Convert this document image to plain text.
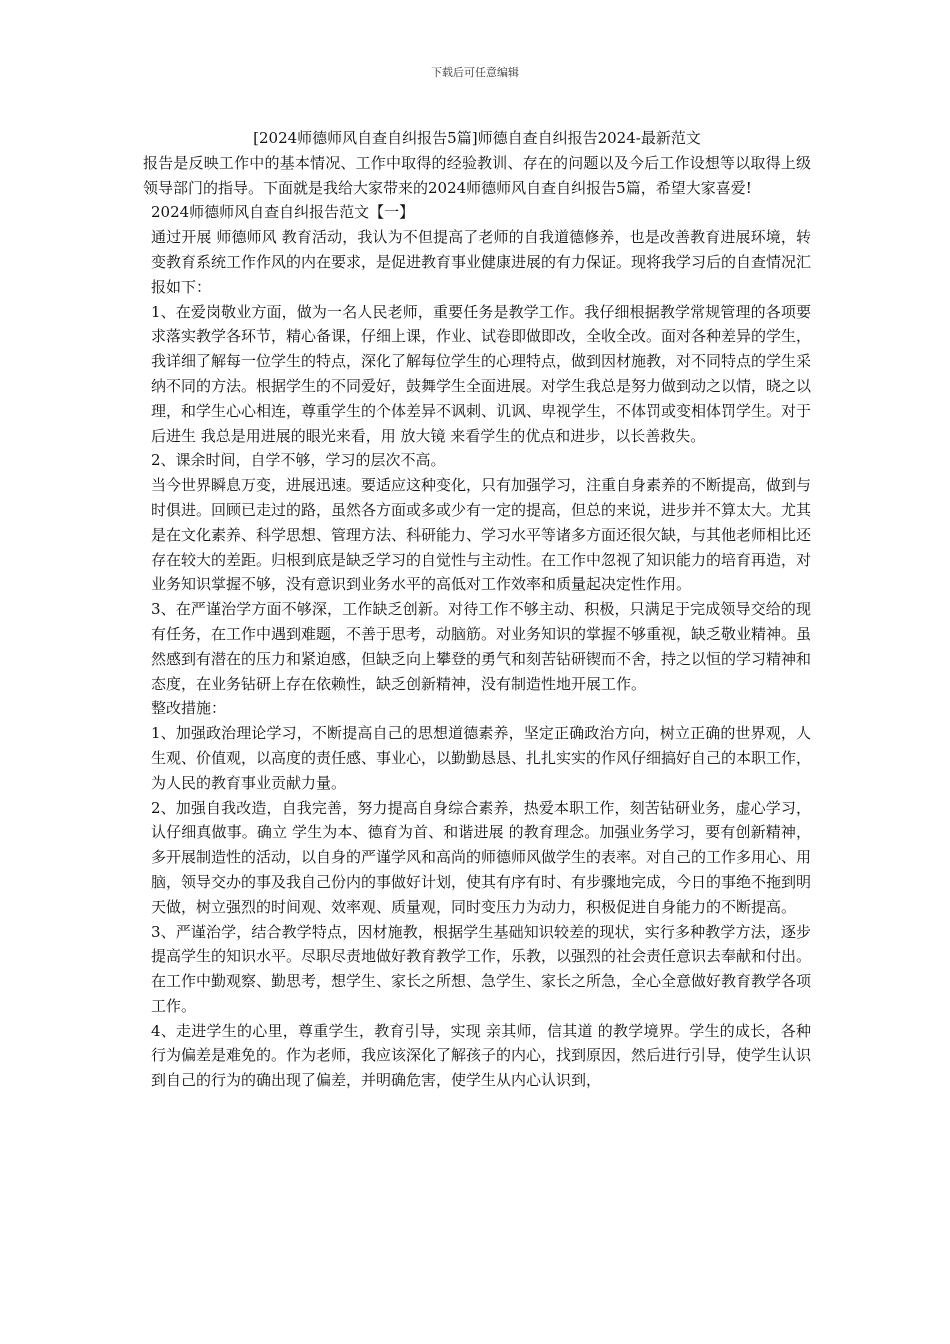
下载后可任意编辑

[2024师德师风自查自纠报告5篇]师德自查自纠报告2024-最新范文

报告是反映工作中的基本情况、工作中取得的经验教训、存在的问题以及今后工作设想等以取得上级领导部门的指导。下面就是我给大家带来的2024师德师风自查自纠报告5篇，希望大家喜爱!

2024师德师风自查自纠报告范文【一】

通过开展 师德师风 教育活动，我认为不但提高了老师的自我道德修养，也是改善教育进展环境，转变教育系统工作作风的内在要求，是促进教育事业健康进展的有力保证。现将我学习后的自查情况汇报如下：

1、在爱岗敬业方面，做为一名人民老师，重要任务是教学工作。我仔细根据教学常规管理的各项要求落实教学各环节，精心备课，仔细上课，作业、试卷即做即改，全收全改。面对各种差异的学生，我详细了解每一位学生的特点，深化了解每位学生的心理特点，做到因材施教，对不同特点的学生采纳不同的方法。根据学生的不同爱好，鼓舞学生全面进展。对学生我总是努力做到动之以情，晓之以理，和学生心心相连，尊重学生的个体差异不讽刺、讥讽、卑视学生，不体罚或变相体罚学生。对于 后进生 我总是用进展的眼光来看，用 放大镜 来看学生的优点和进步，以长善救失。

2、课余时间，自学不够，学习的层次不高。

当今世界瞬息万变，进展迅速。要适应这种变化，只有加强学习，注重自身素养的不断提高，做到与时俱进。回顾已走过的路，虽然各方面或多或少有一定的提高，但总的来说，进步并不算太大。尤其是在文化素养、科学思想、管理方法、科研能力、学习水平等诸多方面还很欠缺，与其他老师相比还存在较大的差距。归根到底是缺乏学习的自觉性与主动性。在工作中忽视了知识能力的培育再造，对业务知识掌握不够，没有意识到业务水平的高低对工作效率和质量起决定性作用。

3、在严谨治学方面不够深，工作缺乏创新。对待工作不够主动、积极，只满足于完成领导交给的现有任务，在工作中遇到难题，不善于思考，动脑筋。对业务知识的掌握不够重视，缺乏敬业精神。虽然感到有潜在的压力和紧迫感，但缺乏向上攀登的勇气和刻苦钻研锲而不舍，持之以恒的学习精神和态度，在业务钻研上存在依赖性，缺乏创新精神，没有制造性地开展工作。

整改措施：

1、加强政治理论学习，不断提高自己的思想道德素养，坚定正确政治方向，树立正确的世界观，人生观、价值观，以高度的责任感、事业心，以勤勤恳恳、扎扎实实的作风仔细搞好自己的本职工作，为人民的教育事业贡献力量。

2、加强自我改造，自我完善，努力提高自身综合素养，热爱本职工作，刻苦钻研业务，虚心学习，认仔细真做事。确立 学生为本、德育为首、和谐进展 的教育理念。加强业务学习，要有创新精神，多开展制造性的活动，以自身的严谨学风和高尚的师德师风做学生的表率。对自己的工作多用心、用脑，领导交办的事及我自己份内的事做好计划，使其有序有时、有步骤地完成，今日的事绝不拖到明天做，树立强烈的时间观、效率观、质量观，同时变压力为动力，积极促进自身能力的不断提高。

3、严谨治学，结合教学特点，因材施教，根据学生基础知识较差的现状，实行多种教学方法，逐步提高学生的知识水平。尽职尽责地做好教育教学工作，乐教，以强烈的社会责任意识去奉献和付出。在工作中勤观察、勤思考，想学生、家长之所想、急学生、家长之所急，全心全意做好教育教学各项工作。

4、走进学生的心里，尊重学生，教育引导，实现 亲其师，信其道 的教学境界。学生的成长，各种行为偏差是难免的。作为老师，我应该深化了解孩子的内心，找到原因，然后进行引导，使学生认识到自己的行为的确出现了偏差，并明确危害，使学生从内心认识到，
